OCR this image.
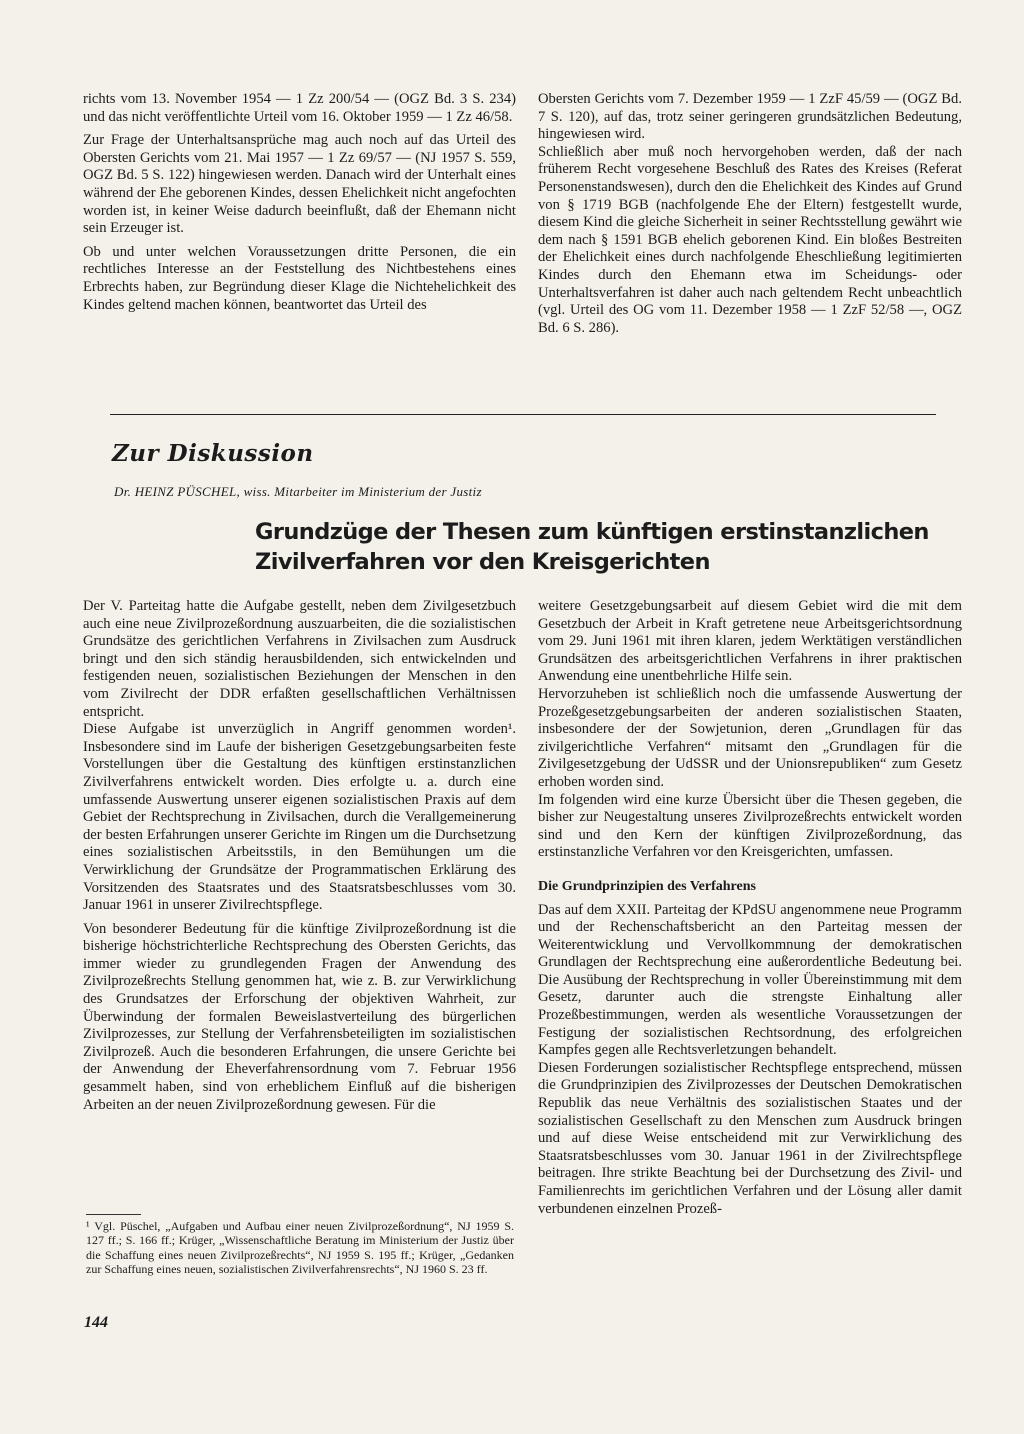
richts vom 13. November 1954 — 1 Zz 200/54 — (OGZ Bd. 3 S. 234) und das nicht veröffentlichte Urteil vom 16. Oktober 1959 — 1 Zz 46/58.

Zur Frage der Unterhaltsansprüche mag auch noch auf das Urteil des Obersten Gerichts vom 21. Mai 1957 — 1 Zz 69/57 — (NJ 1957 S. 559, OGZ Bd. 5 S. 122) hingewiesen werden. Danach wird der Unterhalt eines während der Ehe geborenen Kindes, dessen Ehelichkeit nicht angefochten worden ist, in keiner Weise dadurch beeinflußt, daß der Ehemann nicht sein Erzeuger ist.

Ob und unter welchen Voraussetzungen dritte Personen, die ein rechtliches Interesse an der Feststellung des Nichtbestehens eines Erbrechts haben, zur Begründung dieser Klage die Nichtehelichkeit des Kindes geltend machen können, beantwortet das Urteil des

Obersten Gerichts vom 7. Dezember 1959 — 1 ZzF 45/59 — (OGZ Bd. 7 S. 120), auf das, trotz seiner geringeren grundsätzlichen Bedeutung, hingewiesen wird.

Schließlich aber muß noch hervorgehoben werden, daß der nach früherem Recht vorgesehene Beschluß des Rates des Kreises (Referat Personenstandswesen), durch den die Ehelichkeit des Kindes auf Grund von § 1719 BGB (nachfolgende Ehe der Eltern) festgestellt wurde, diesem Kind die gleiche Sicherheit in seiner Rechtsstellung gewährt wie dem nach § 1591 BGB ehelich geborenen Kind. Ein bloßes Bestreiten der Ehelichkeit eines durch nachfolgende Eheschließung legitimierten Kindes durch den Ehemann etwa im Scheidungs- oder Unterhaltsverfahren ist daher auch nach geltendem Recht unbeachtlich (vgl. Urteil des OG vom 11. Dezember 1958 — 1 ZzF 52/58 —, OGZ Bd. 6 S. 286).

Zur Diskussion
Dr. HEINZ PÜSCHEL, wiss. Mitarbeiter im Ministerium der Justiz
Grundzüge der Thesen zum künftigen erstinstanzlichen
Zivilverfahren vor den Kreisgerichten

Der V. Parteitag hatte die Aufgabe gestellt, neben dem Zivilgesetzbuch auch eine neue Zivilprozeßordnung auszuarbeiten, die die sozialistischen Grundsätze des gerichtlichen Verfahrens in Zivilsachen zum Ausdruck bringt und den sich ständig herausbildenden, sich entwickelnden und festigenden neuen, sozialistischen Beziehungen der Menschen in den vom Zivilrecht der DDR erfaßten gesellschaftlichen Verhältnissen entspricht.

Diese Aufgabe ist unverzüglich in Angriff genommen worden¹. Insbesondere sind im Laufe der bisherigen Gesetzgebungsarbeiten feste Vorstellungen über die Gestaltung des künftigen erstinstanzlichen Zivilverfahrens entwickelt worden. Dies erfolgte u. a. durch eine umfassende Auswertung unserer eigenen sozialistischen Praxis auf dem Gebiet der Rechtsprechung in Zivilsachen, durch die Verallgemeinerung der besten Erfahrungen unserer Gerichte im Ringen um die Durchsetzung eines sozialistischen Arbeitsstils, in den Bemühungen um die Verwirklichung der Grundsätze der Programmatischen Erklärung des Vorsitzenden des Staatsrates und des Staatsratsbeschlusses vom 30. Januar 1961 in unserer Zivilrechtspflege.

Von besonderer Bedeutung für die künftige Zivilprozeßordnung ist die bisherige höchstrichterliche Rechtsprechung des Obersten Gerichts, das immer wieder zu grundlegenden Fragen der Anwendung des Zivilprozeßrechts Stellung genommen hat, wie z. B. zur Verwirklichung des Grundsatzes der Erforschung der objektiven Wahrheit, zur Überwindung der formalen Beweislastverteilung des bürgerlichen Zivilprozesses, zur Stellung der Verfahrensbeteiligten im sozialistischen Zivilprozeß. Auch die besonderen Erfahrungen, die unsere Gerichte bei der Anwendung der Eheverfahrensordnung vom 7. Februar 1956 gesammelt haben, sind von erheblichem Einfluß auf die bisherigen Arbeiten an der neuen Zivilprozeßordnung gewesen. Für die

weitere Gesetzgebungsarbeit auf diesem Gebiet wird die mit dem Gesetzbuch der Arbeit in Kraft getretene neue Arbeitsgerichtsordnung vom 29. Juni 1961 mit ihren klaren, jedem Werktätigen verständlichen Grundsätzen des arbeitsgerichtlichen Verfahrens in ihrer praktischen Anwendung eine unentbehrliche Hilfe sein.

Hervorzuheben ist schließlich noch die umfassende Auswertung der Prozeßgesetzgebungsarbeiten der anderen sozialistischen Staaten, insbesondere der der Sowjetunion, deren „Grundlagen für das zivilgerichtliche Verfahren“ mitsamt den „Grundlagen für die Zivilgesetzgebung der UdSSR und der Unionsrepubliken“ zum Gesetz erhoben worden sind.

Im folgenden wird eine kurze Übersicht über die Thesen gegeben, die bisher zur Neugestaltung unseres Zivilprozeßrechts entwickelt worden sind und den Kern der künftigen Zivilprozeßordnung, das erstinstanzliche Verfahren vor den Kreisgerichten, umfassen.

Die Grundprinzipien des Verfahrens

Das auf dem XXII. Parteitag der KPdSU angenommene neue Programm und der Rechenschaftsbericht an den Parteitag messen der Weiterentwicklung und Vervollkommnung der demokratischen Grundlagen der Rechtsprechung eine außerordentliche Bedeutung bei. Die Ausübung der Rechtsprechung in voller Übereinstimmung mit dem Gesetz, darunter auch die strengste Einhaltung aller Prozeßbestimmungen, werden als wesentliche Voraussetzungen der Festigung der sozialistischen Rechtsordnung, des erfolgreichen Kampfes gegen alle Rechtsverletzungen behandelt.

Diesen Forderungen sozialistischer Rechtspflege entsprechend, müssen die Grundprinzipien des Zivilprozesses der Deutschen Demokratischen Republik das neue Verhältnis des sozialistischen Staates und der sozialistischen Gesellschaft zu den Menschen zum Ausdruck bringen und auf diese Weise entscheidend mit zur Verwirklichung des Staatsratsbeschlusses vom 30. Januar 1961 in der Zivilrechtspflege beitragen. Ihre strikte Beachtung bei der Durchsetzung des Zivil- und Familienrechts im gerichtlichen Verfahren und der Lösung aller damit verbundenen einzelnen Prozeß-

¹ Vgl. Püschel, „Aufgaben und Aufbau einer neuen Zivilprozeßordnung“, NJ 1959 S. 127 ff.; S. 166 ff.; Krüger, „Wissenschaftliche Beratung im Ministerium der Justiz über die Schaffung eines neuen Zivilprozeßrechts“, NJ 1959 S. 195 ff.; Krüger, „Gedanken zur Schaffung eines neuen, sozialistischen Zivilverfahrensrechts“, NJ 1960 S. 23 ff.
144
